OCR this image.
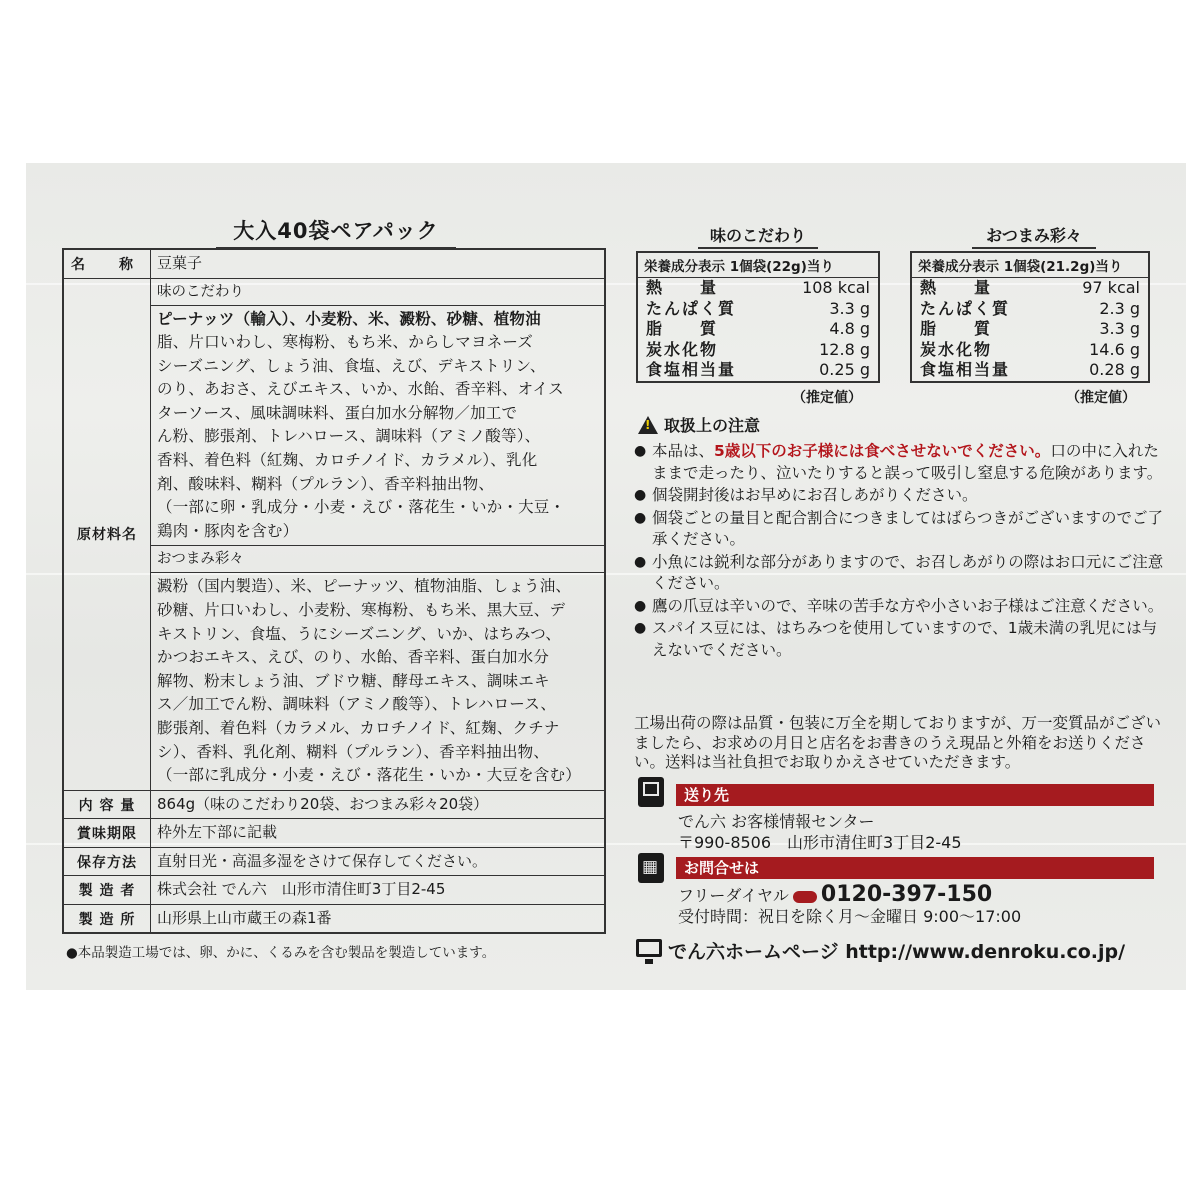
大入40袋ペアパック
名　称 豆菓子
原材料名
味のこだわり
ピーナッツ（輸入）、小麦粉、米、澱粉、砂糖、植物油
脂、片口いわし、寒梅粉、もち米、からしマヨネーズ
シーズニング、しょう油、食塩、えび、デキストリン、
のり、あおさ、えびエキス、いか、水飴、香辛料、オイス
ターソース、風味調味料、蛋白加水分解物／加工で
ん粉、膨張剤、トレハロース、調味料（アミノ酸等）、
香料、着色料（紅麹、カロチノイド、カラメル）、乳化
剤、酸味料、糊料（プルラン）、香辛料抽出物、
（一部に卵・乳成分・小麦・えび・落花生・いか・大豆・
鶏肉・豚肉を含む）
おつまみ彩々
澱粉（国内製造）、米、ピーナッツ、植物油脂、しょう油、
砂糖、片口いわし、小麦粉、寒梅粉、もち米、黒大豆、デ
キストリン、食塩、うにシーズニング、いか、はちみつ、
かつおエキス、えび、のり、水飴、香辛料、蛋白加水分
解物、粉末しょう油、ブドウ糖、酵母エキス、調味エキ
ス／加工でん粉、調味料（アミノ酸等）、トレハロース、
膨張剤、着色料（カラメル、カロチノイド、紅麹、クチナ
シ）、香料、乳化剤、糊料（プルラン）、香辛料抽出物、
（一部に乳成分・小麦・えび・落花生・いか・大豆を含む）
内 容 量	864g（味のこだわり20袋、おつまみ彩々20袋）
賞味期限	枠外左下部に記載
保存方法	直射日光・高温多湿をさけて保存してください。
製 造 者	株式会社 でん六　山形市清住町3丁目2-45
製 造 所	山形県上山市蔵王の森1番
●本品製造工場では、卵、かに、くるみを含む製品を製造しています。
味のこだわり
栄養成分表示 1個袋(22g)当り
熱　　量	108 kcal
たんぱく質	3.3 g
脂　　質	4.8 g
炭水化物	12.8 g
食塩相当量	0.25 g
（推定値）
おつまみ彩々
栄養成分表示 1個袋(21.2g)当り
熱　　量	97 kcal
たんぱく質	2.3 g
脂　　質	3.3 g
炭水化物	14.6 g
食塩相当量	0.28 g
（推定値）
!
取扱上の注意
● 本品は、5歳以下のお子様には食べさせないでください。口の中に入れたままで走ったり、泣いたりすると誤って吸引し窒息する危険があります。
● 個袋開封後はお早めにお召しあがりください。
● 個袋ごとの量目と配合割合につきましてはばらつきがございますのでご了承ください。
● 小魚には鋭利な部分がありますので、お召しあがりの際はお口元にご注意ください。
● 鷹の爪豆は辛いので、辛味の苦手な方や小さいお子様はご注意ください。
● スパイス豆には、はちみつを使用していますので、1歳未満の乳児には与えないでください。
工場出荷の際は品質・包装に万全を期しておりますが、万一変質品がございましたら、お求めの月日と店名をお書きのうえ現品と外箱をお送りください。送料は当社負担でお取りかえさせていただきます。
送り先
でん六 お客様情報センター
〒990-8506　山形市清住町3丁目2-45
▦
お問合せは
フリーダイヤル 0120-397-150
受付時間：祝日を除く月〜金曜日 9:00〜17:00
でん六ホームページ http://www.denroku.co.jp/
